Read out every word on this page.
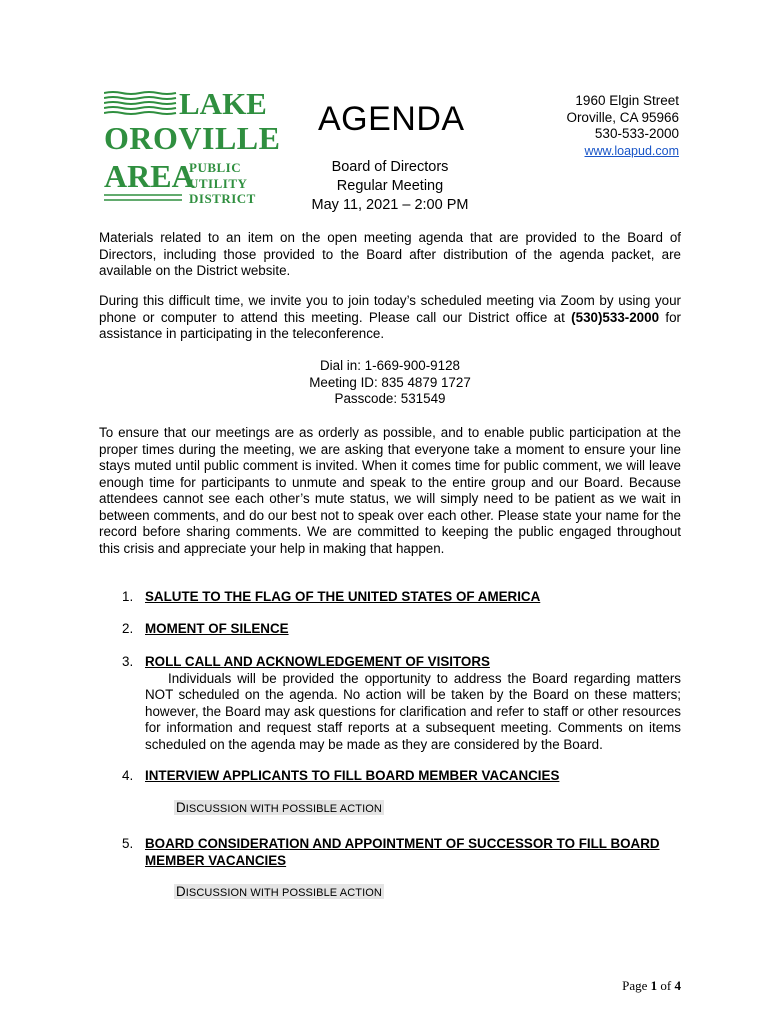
LAKE
OROVILLE
AREA
PUBLIC
UTILITY
DISTRICT
AGENDA
Board of Directors
Regular Meeting
May 11, 2021 – 2:00 PM
1960 Elgin Street
Oroville, CA 95966
530-533-2000
www.loapud.com
Materials related to an item on the open meeting agenda that are provided to the Board of Directors, including those provided to the Board after distribution of the agenda packet, are available on the District website.
During this difficult time, we invite you to join today’s scheduled meeting via Zoom by using your phone or computer to attend this meeting. Please call our District office at (530)533-2000 for assistance in participating in the teleconference.
Dial in: 1-669-900-9128
Meeting ID: 835 4879 1727
Passcode: 531549
To ensure that our meetings are as orderly as possible, and to enable public participation at the proper times during the meeting, we are asking that everyone take a moment to ensure your line stays muted until public comment is invited. When it comes time for public comment, we will leave enough time for participants to unmute and speak to the entire group and our Board. Because attendees cannot see each other’s mute status, we will simply need to be patient as we wait in between comments, and do our best not to speak over each other. Please state your name for the record before sharing comments. We are committed to keeping the public engaged throughout this crisis and appreciate your help in making that happen.
1. SALUTE TO THE FLAG OF THE UNITED STATES OF AMERICA
2. MOMENT OF SILENCE
3. ROLL CALL AND ACKNOWLEDGEMENT OF VISITORS
Individuals will be provided the opportunity to address the Board regarding matters NOT scheduled on the agenda. No action will be taken by the Board on these matters; however, the Board may ask questions for clarification and refer to staff or other resources for information and request staff reports at a subsequent meeting. Comments on items scheduled on the agenda may be made as they are considered by the Board.
4. INTERVIEW APPLICANTS TO FILL BOARD MEMBER VACANCIES
DISCUSSION WITH POSSIBLE ACTION
5. BOARD CONSIDERATION AND APPOINTMENT OF SUCCESSOR TO FILL BOARD MEMBER VACANCIES
DISCUSSION WITH POSSIBLE ACTION
Page 1 of 4
